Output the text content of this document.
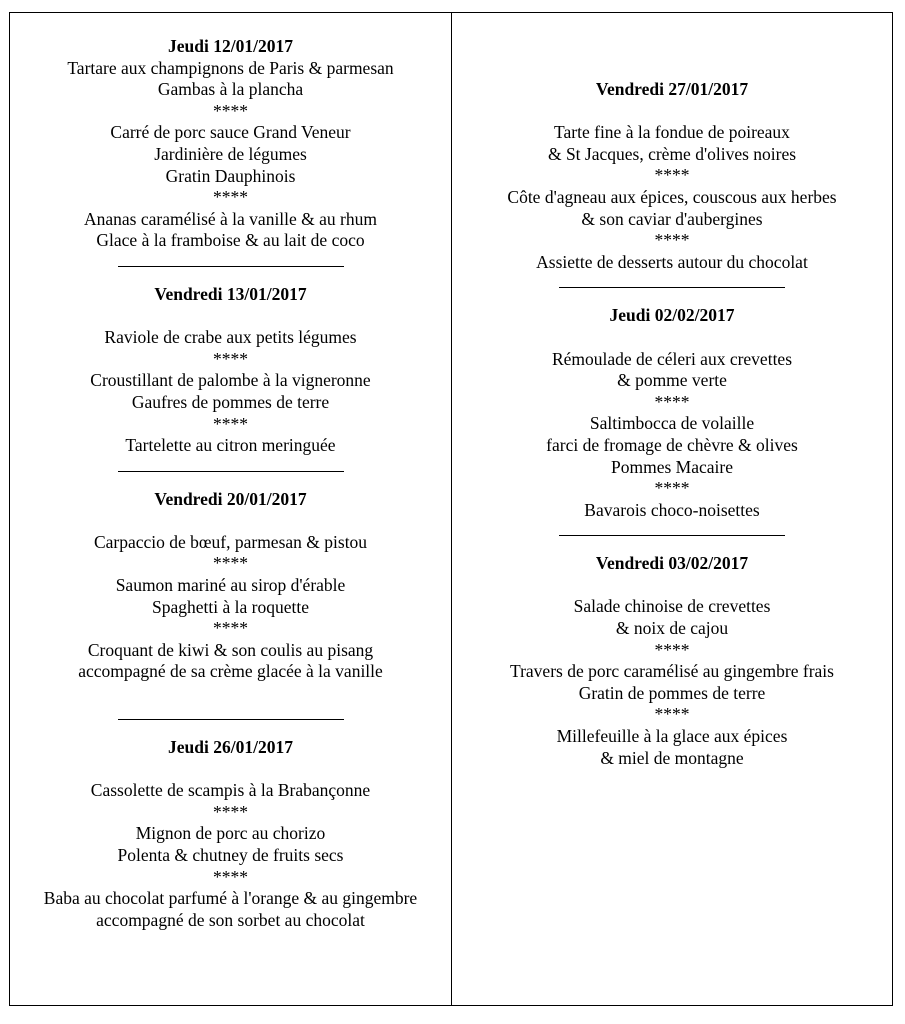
Jeudi 12/01/2017
Tartare aux champignons de Paris & parmesan
Gambas à la plancha
****
Carré de porc sauce Grand Veneur
Jardinière de légumes
Gratin Dauphinois
****
Ananas caramélisé à la vanille & au rhum
Glace à la framboise & au lait de coco
Vendredi 13/01/2017
Raviole de crabe aux petits légumes
****
Croustillant de palombe à la vigneronne
Gaufres de pommes de terre
****
Tartelette au citron meringuée
Vendredi 20/01/2017
Carpaccio de bœuf, parmesan & pistou
****
Saumon mariné au sirop d'érable
Spaghetti à la roquette
****
Croquant de kiwi & son coulis au pisang
accompagné de sa crème glacée à la vanille
Jeudi 26/01/2017
Cassolette de scampis à la Brabançonne
****
Mignon de porc au chorizo
Polenta & chutney de fruits secs
****
Baba au chocolat parfumé à l'orange & au gingembre
accompagné de son sorbet au chocolat
Vendredi 27/01/2017
Tarte fine à la fondue de poireaux
& St Jacques, crème d'olives noires
****
Côte d'agneau aux épices, couscous aux herbes
& son caviar d'aubergines
****
Assiette de desserts autour du chocolat
Jeudi 02/02/2017
Rémoulade de céleri aux crevettes
& pomme verte
****
Saltimbocca de volaille
farci de fromage de chèvre & olives
Pommes Macaire
****
Bavarois choco-noisettes
Vendredi 03/02/2017
Salade chinoise de crevettes
& noix de cajou
****
Travers de porc caramélisé au gingembre frais
Gratin de pommes de terre
****
Millefeuille à la glace aux épices
& miel de montagne
